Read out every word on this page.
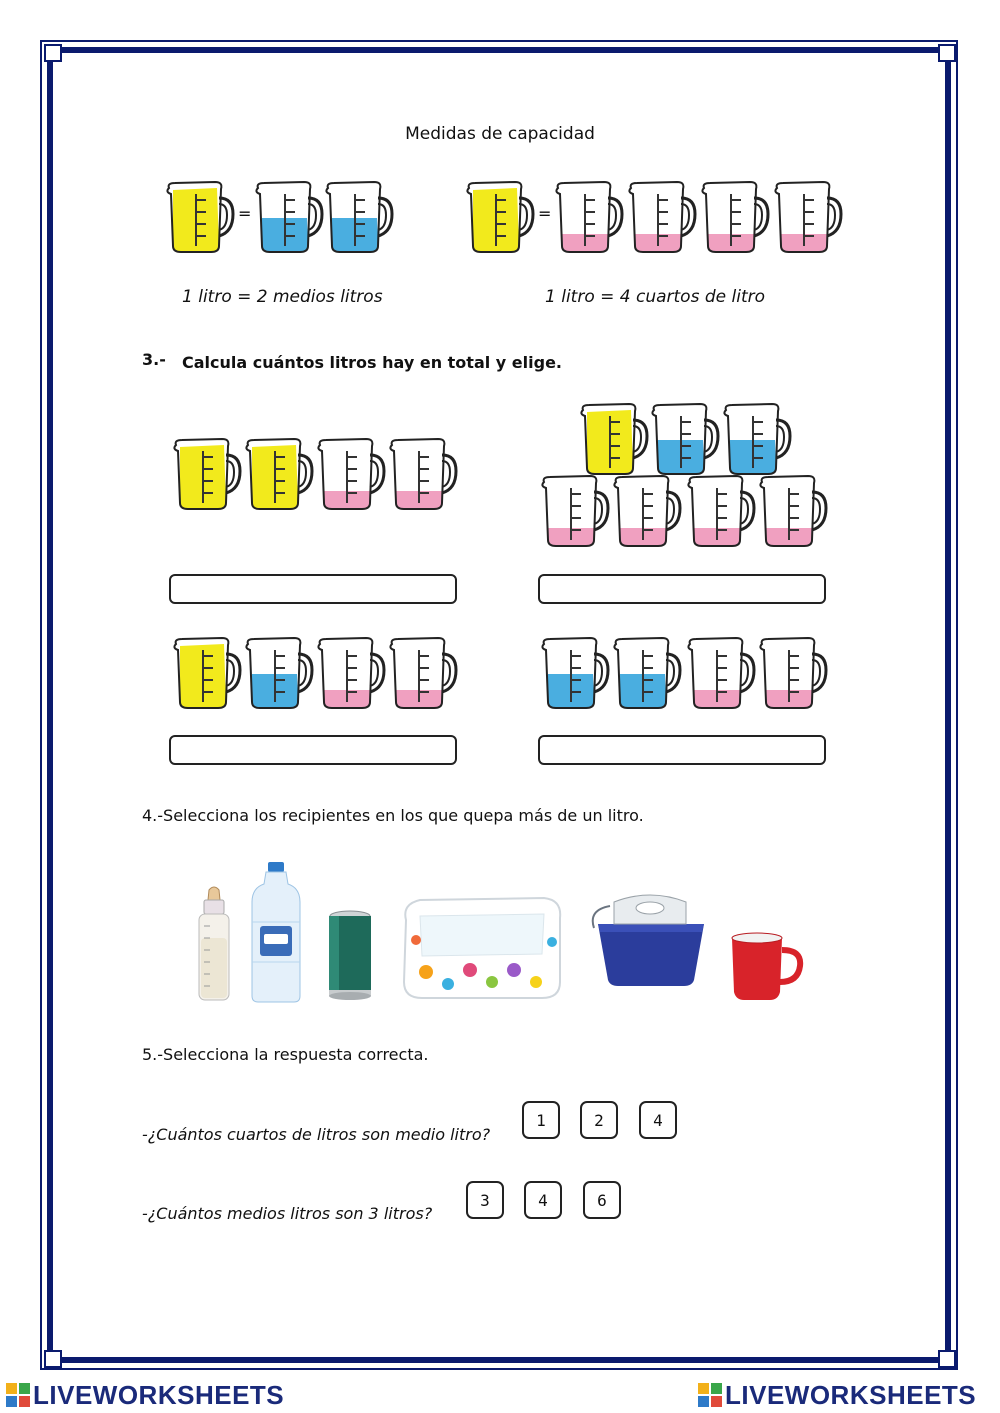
Medidas de capacidad
=
1 litro = 2 medios litros
=
1 litro = 4 cuartos de litro
3.- Calcula cuántos litros hay en total y elige.
4.-Selecciona los recipientes en los que quepa más de un litro.
5.-Selecciona la respuesta correcta.
-¿Cuántos cuartos de litros son medio litro?
1	2	4
-¿Cuántos medios litros son 3 litros?
3	4	6
LIVEWORKSHEETS	LIVEWORKSHEETS
